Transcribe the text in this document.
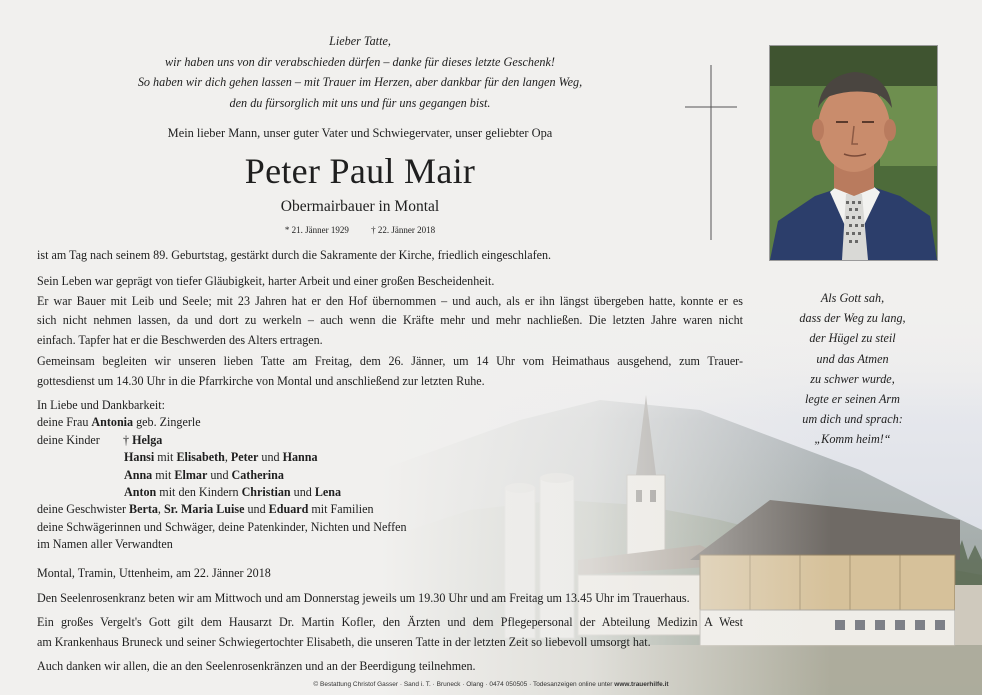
Lieber Tatte,
wir haben uns von dir verabschieden dürfen – danke für dieses letzte Geschenk!
So haben wir dich gehen lassen – mit Trauer im Herzen, aber dankbar für den langen Weg,
den du fürsorglich mit uns und für uns gegangen bist.
Mein lieber Mann, unser guter Vater und Schwiegervater, unser geliebter Opa
Peter Paul Mair
Obermairbauer in Montal
* 21. Jänner 1929 † 22. Jänner 2018
ist am Tag nach seinem 89. Geburtstag, gestärkt durch die Sakramente der Kirche, friedlich eingeschlafen.
Sein Leben war geprägt von tiefer Gläubigkeit, harter Arbeit und einer großen Bescheidenheit.
Er war Bauer mit Leib und Seele; mit 23 Jahren hat er den Hof übernommen – und auch, als er ihn längst übergeben hatte, konnte er es
sich nicht nehmen lassen, da und dort zu werkeln – auch wenn die Kräfte mehr und mehr nachließen. Die letzten Jahre waren nicht
einfach. Tapfer hat er die Beschwerden des Alters ertragen.
Gemeinsam begleiten wir unseren lieben Tatte am Freitag, dem 26. Jänner, um 14 Uhr vom Heimathaus ausgehend, zum Trauer-
gottesdienst um 14.30 Uhr in die Pfarrkirche von Montal und anschließend zur letzten Ruhe.
In Liebe und Dankbarkeit:
deine Frau Antonia geb. Zingerle
deine Kinder † Helga
Hansi mit Elisabeth, Peter und Hanna
Anna mit Elmar und Catherina
Anton mit den Kindern Christian und Lena
deine Geschwister Berta, Sr. Maria Luise und Eduard mit Familien
deine Schwägerinnen und Schwäger, deine Patenkinder, Nichten und Neffen
im Namen aller Verwandten
Montal, Tramin, Uttenheim, am 22. Jänner 2018
Den Seelenrosenkranz beten wir am Mittwoch und am Donnerstag jeweils um 19.30 Uhr und am Freitag um 13.45 Uhr im Trauerhaus.
Ein großes Vergelt's Gott gilt dem Hausarzt Dr. Martin Kofler, den Ärzten und dem Pflegepersonal der Abteilung Medizin A West
am Krankenhaus Bruneck und seiner Schwiegertochter Elisabeth, die unseren Tatte in der letzten Zeit so liebevoll umsorgt hat.
Auch danken wir allen, die an den Seelenrosenkränzen und an der Beerdigung teilnehmen.
Als Gott sah,
dass der Weg zu lang,
der Hügel zu steil
und das Atmen
zu schwer wurde,
legte er seinen Arm
um dich und sprach:
„Komm heim!“
© Bestattung Christof Gasser · Sand i. T. · Bruneck · Olang · 0474 050505 · Todesanzeigen online unter www.trauerhilfe.it
